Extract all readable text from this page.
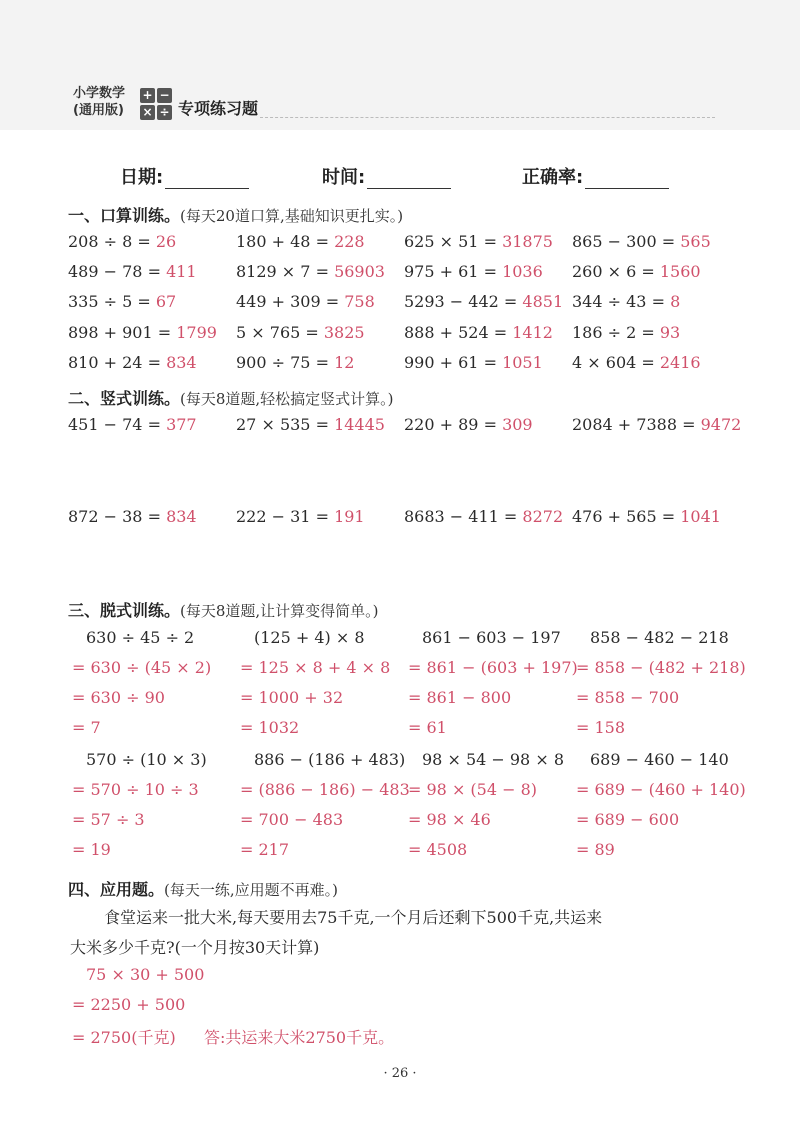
小学数学
(通用版)
+ −
× ÷ 专项练习题
日期:	时间:	正确率:
一、口算训练。(每天20道口算,基础知识更扎实。)
208 ÷ 8 = 26	180 + 48 = 228 625 × 51 = 31875 865 − 300 = 565
489 − 78 = 411 8129 × 7 = 56903 975 + 61 = 1036 260 × 6 = 1560
335 ÷ 5 = 67	449 + 309 = 758 5293 − 442 = 4851 344 ÷ 43 = 8
898 + 901 = 1799 5 × 765 = 3825 888 + 524 = 1412 186 ÷ 2 = 93
810 + 24 = 834 900 ÷ 75 = 12	990 + 61 = 1051 4 × 604 = 2416
二、竖式训练。(每天8道题,轻松搞定竖式计算。)
451 − 74 = 377 27 × 535 = 14445 220 + 89 = 309 2084 + 7388 = 9472
872 − 38 = 834 222 − 31 = 191 8683 − 411 = 8272 476 + 565 = 1041
三、脱式训练。(每天8道题,让计算变得简单。)
630 ÷ 45 ÷ 2
= 630 ÷ (45 × 2)
= 630 ÷ 90
= 7
(125 + 4) × 8
= 125 × 8 + 4 × 8
= 1000 + 32
= 1032
861 − 603 − 197
= 861 − (603 + 197)
= 861 − 800
= 61
858 − 482 − 218
= 858 − (482 + 218)
= 858 − 700
= 158
570 ÷ (10 × 3)
= 570 ÷ 10 ÷ 3
= 57 ÷ 3
= 19
886 − (186 + 483)
= (886 − 186) − 483
= 700 − 483
= 217
98 × 54 − 98 × 8
= 98 × (54 − 8)
= 98 × 46
= 4508
689 − 460 − 140
= 689 − (460 + 140)
= 689 − 600
= 89
四、应用题。(每天一练,应用题不再难。)
食堂运来一批大米,每天要用去75千克,一个月后还剩下500千克,共运来
大米多少千克?(一个月按30天计算)
75 × 30 + 500
= 2250 + 500
= 2750(千克) 答:共运来大米2750千克。
· 26 ·
